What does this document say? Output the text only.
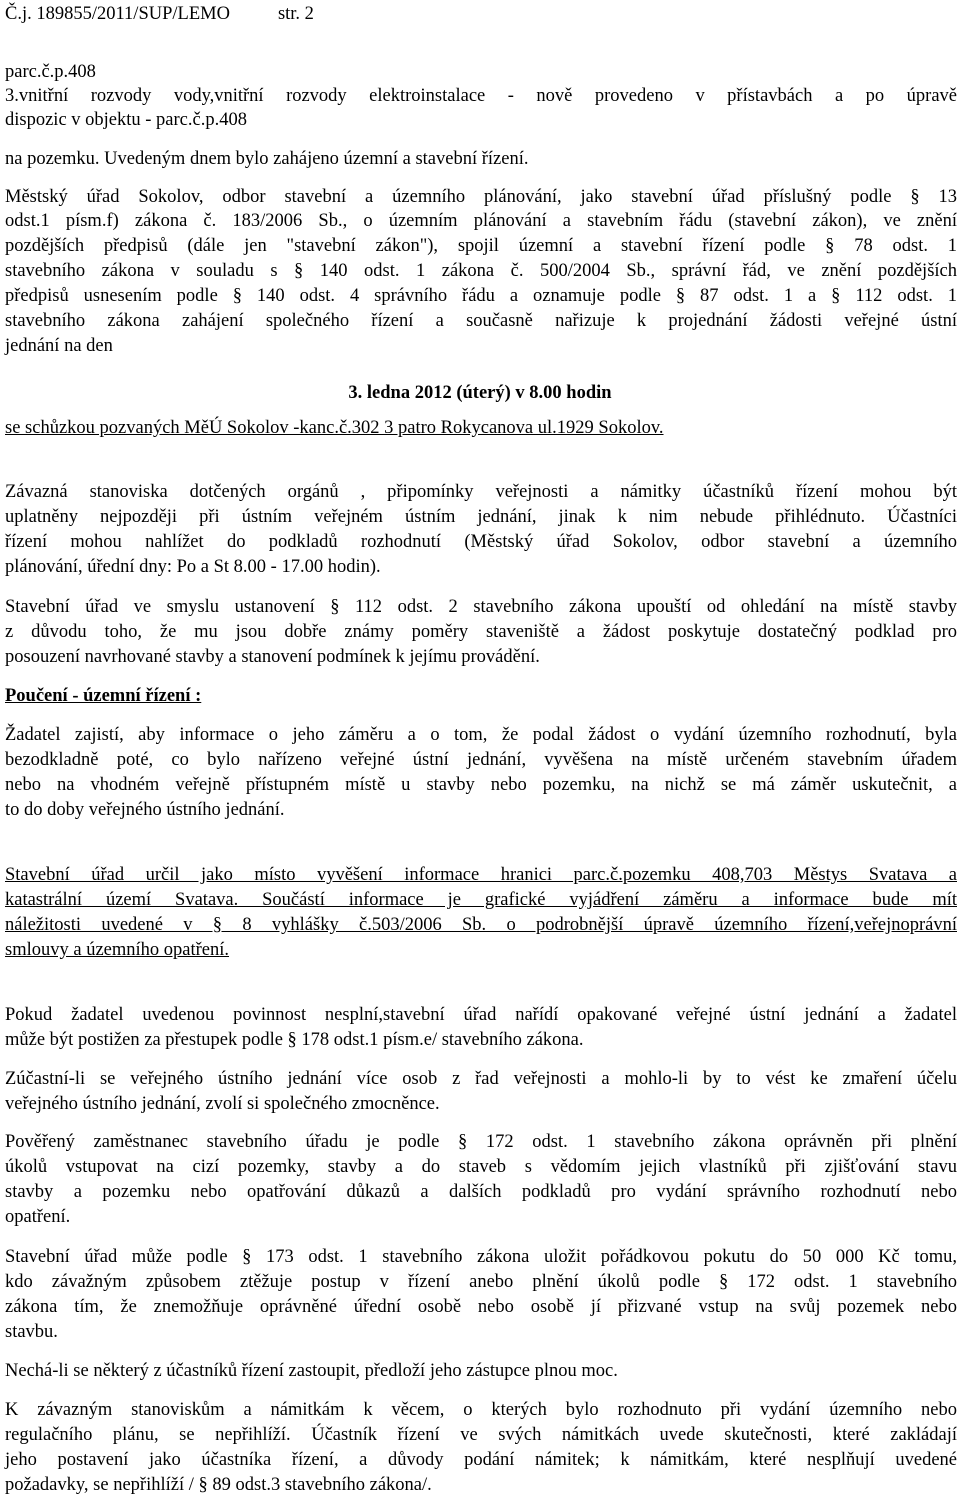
Č.j. 189855/2011/SUP/LEMO	str. 2
parc.č.p.408
3.vnitřní rozvody vody,vnitřní rozvody elektroinstalace - nově provedeno v přístavbách a po úpravě
dispozic v objektu - parc.č.p.408
na pozemku. Uvedeným dnem bylo zahájeno územní a stavební řízení.
Městský úřad Sokolov, odbor stavební a územního plánování, jako stavební úřad příslušný podle § 13
odst.1 písm.f) zákona č. 183/2006 Sb., o územním plánování a stavebním řádu (stavební zákon), ve znění
pozdějších předpisů (dále jen "stavební zákon"), spojil územní a stavební řízení podle § 78 odst. 1
stavebního zákona v souladu s § 140 odst. 1 zákona č. 500/2004 Sb., správní řád, ve znění pozdějších
předpisů usnesením podle § 140 odst. 4 správního řádu a oznamuje podle § 87 odst. 1 a § 112 odst. 1
stavebního zákona zahájení společného řízení a současně nařizuje k projednání žádosti veřejné ústní
jednání na den
3. ledna 2012 (úterý) v 8.00 hodin
se schůzkou pozvaných MěÚ Sokolov -kanc.č.302 3 patro Rokycanova ul.1929 Sokolov.
Závazná stanoviska dotčených orgánů , připomínky veřejnosti a námitky účastníků řízení mohou být
uplatněny nejpozději při ústním veřejném ústním jednání, jinak k nim nebude přihlédnuto. Účastníci
řízení mohou nahlížet do podkladů rozhodnutí (Městský úřad Sokolov, odbor stavební a územního
plánování, úřední dny: Po a St 8.00 - 17.00 hodin).
Stavební úřad ve smyslu ustanovení § 112 odst. 2 stavebního zákona upouští od ohledání na místě stavby
z důvodu toho, že mu jsou dobře známy poměry staveniště a žádost poskytuje dostatečný podklad pro
posouzení navrhované stavby a stanovení podmínek k jejímu provádění.
Poučení - územní řízení :
Žadatel zajistí, aby informace o jeho záměru a o tom, že podal žádost o vydání územního rozhodnutí, byla
bezodkladně poté, co bylo nařízeno veřejné ústní jednání, vyvěšena na místě určeném stavebním úřadem
nebo na vhodném veřejně přístupném místě u stavby nebo pozemku, na nichž se má záměr uskutečnit, a
to do doby veřejného ústního jednání.
Stavební úřad určil jako místo vyvěšení informace hranici parc.č.pozemku 408,703 Městys Svatava a
katastrální území Svatava. Součástí informace je grafické vyjádření záměru a informace bude mít
náležitosti uvedené v § 8 vyhlášky č.503/2006 Sb. o podrobnější úpravě územního řízení,veřejnoprávní
smlouvy a územního opatření.
Pokud žadatel uvedenou povinnost nesplní,stavební úřad nařídí opakované veřejné ústní jednání a žadatel
může být postižen za přestupek podle § 178 odst.1 písm.e/ stavebního zákona.
Zúčastní-li se veřejného ústního jednání více osob z řad veřejnosti a mohlo-li by to vést ke zmaření účelu
veřejného ústního jednání, zvolí si společného zmocněnce.
Pověřený zaměstnanec stavebního úřadu je podle § 172 odst. 1 stavebního zákona oprávněn při plnění
úkolů vstupovat na cizí pozemky, stavby a do staveb s vědomím jejich vlastníků při zjišťování stavu
stavby a pozemku nebo opatřování důkazů a dalších podkladů pro vydání správního rozhodnutí nebo
opatření.
Stavební úřad může podle § 173 odst. 1 stavebního zákona uložit pořádkovou pokutu do 50 000 Kč tomu,
kdo závažným způsobem ztěžuje postup v řízení anebo plnění úkolů podle § 172 odst. 1 stavebního
zákona tím, že znemožňuje oprávněné úřední osobě nebo osobě jí přizvané vstup na svůj pozemek nebo
stavbu.
Nechá-li se některý z účastníků řízení zastoupit, předloží jeho zástupce plnou moc.
K závazným stanoviskům a námitkám k věcem, o kterých bylo rozhodnuto při vydání územního nebo
regulačního plánu, se nepřihlíží. Účastník řízení ve svých námitkách uvede skutečnosti, které zakládají
jeho postavení jako účastníka řízení, a důvody podání námitek; k námitkám, které nesplňují uvedené
požadavky, se nepřihlíží / § 89 odst.3 stavebního zákona/.
